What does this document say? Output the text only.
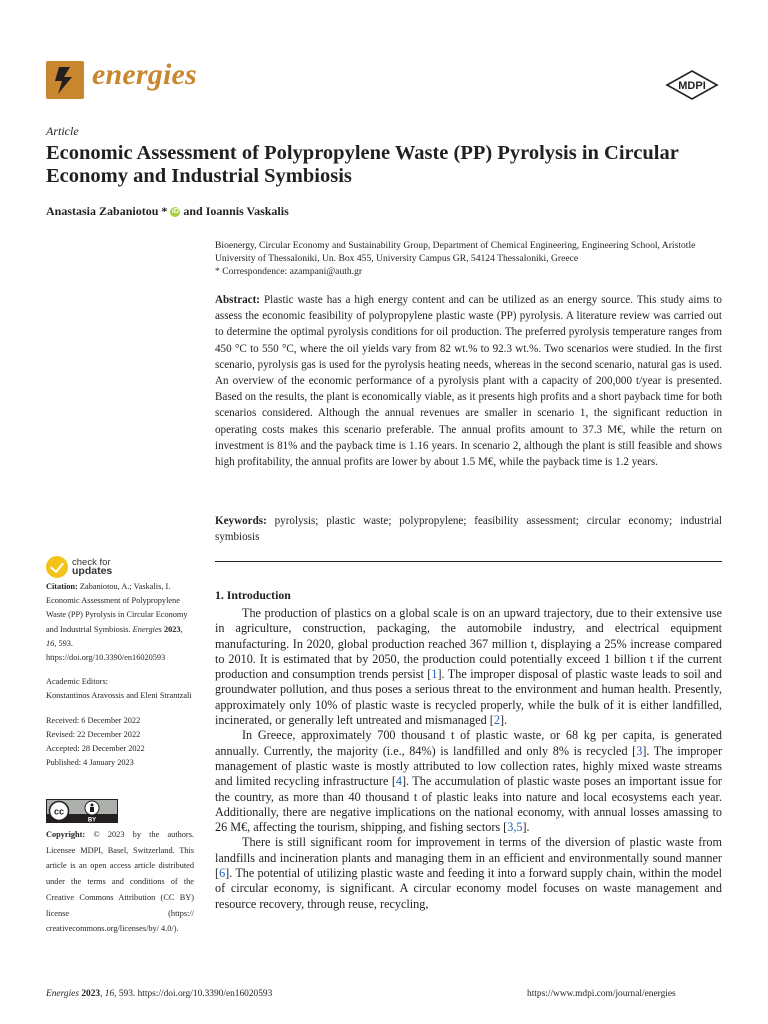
energies	MDPI
Article
Economic Assessment of Polypropylene Waste (PP) Pyrolysis in Circular Economy and Industrial Symbiosis
Anastasia Zabaniotou * iD and Ioannis Vaskalis
Bioenergy, Circular Economy and Sustainability Group, Department of Chemical Engineering, Engineering School, Aristotle University of Thessaloniki, Un. Box 455, University Campus GR, 54124 Thessaloniki, Greece
* Correspondence: azampani@auth.gr
Abstract: Plastic waste has a high energy content and can be utilized as an energy source. This study aims to assess the economic feasibility of polypropylene plastic waste (PP) pyrolysis. A literature review was carried out to determine the optimal pyrolysis conditions for oil production. The preferred pyrolysis temperature ranges from 450 °C to 550 °C, where the oil yields vary from 82 wt.% to 92.3 wt.%. Two scenarios were studied. In the first scenario, pyrolysis gas is used for the pyrolysis heating needs, whereas in the second scenario, natural gas is used. An overview of the economic performance of a pyrolysis plant with a capacity of 200,000 t/year is presented. Based on the results, the plant is economically viable, as it presents high profits and a short payback time for both scenarios considered. Although the annual revenues are smaller in scenario 1, the significant reduction in operating costs makes this scenario preferable. The annual profits amount to 37.3 M€, while the return on investment is 81% and the payback time is 1.16 years. In scenario 2, although the plant is still feasible and shows high profitability, the annual profits are lower by about 1.5 M€, while the payback time is 1.2 years.
Keywords: pyrolysis; plastic waste; polypropylene; feasibility assessment; circular economy; industrial symbiosis
check for
updates

Citation: Zabaniotou, A.; Vaskalis, I. Economic Assessment of Polypropylene Waste (PP) Pyrolysis in Circular Economy and Industrial Symbiosis. Energies 2023, 16, 593. https://doi.org/10.3390/en16020593

Academic Editors:

Konstantinos Aravossis and Eleni Strantzali

Received: 6 December 2022

Revised: 22 December 2022

Accepted: 28 December 2022

Published: 4 January 2023

cc
BY
Copyright: © 2023 by the authors. Licensee MDPI, Basel, Switzerland. This article is an open access article distributed under the terms and conditions of the Creative Commons Attribution (CC BY) license (https:// creativecommons.org/licenses/by/ 4.0/).
1. Introduction

The production of plastics on a global scale is on an upward trajectory, due to their extensive use in agriculture, construction, packaging, the automobile industry, and electrical equipment manufacturing. In 2020, global production reached 367 million t, displaying a 25% increase compared to 2010. It is estimated that by 2050, the production could potentially exceed 1 billion t if the current production and consumption trends persist [1]. The improper disposal of plastic waste leads to soil and groundwater pollution, and thus poses a serious threat to the environment and human health. Presently, approximately only 10% of plastic waste is recycled properly, while the bulk of it is either landfilled, incinerated, or generally left untreated and mismanaged [2].

In Greece, approximately 700 thousand t of plastic waste, or 68 kg per capita, is generated annually. Currently, the majority (i.e., 84%) is landfilled and only 8% is recycled [3]. The improper management of plastic waste is mostly attributed to low collection rates, highly mixed waste streams and limited recycling infrastructure [4]. The accumulation of plastic waste poses an important issue for the country, as more than 40 thousand t of plastic leaks into nature and local ecosystems each year. Additionally, there are negative implications on the national economy, with annual losses amassing to 26 M€, affecting the tourism, shipping, and fishing sectors [3,5].

There is still significant room for improvement in terms of the diversion of plastic waste from landfills and incineration plants and managing them in an efficient and environmentally sound manner [6]. The potential of utilizing plastic waste and feeding it into a forward supply chain, within the model of circular economy, is significant. A circular economy model focuses on waste management and resource recovery, through reuse, recycling,

Energies 2023, 16, 593. https://doi.org/10.3390/en16020593	https://www.mdpi.com/journal/energies
